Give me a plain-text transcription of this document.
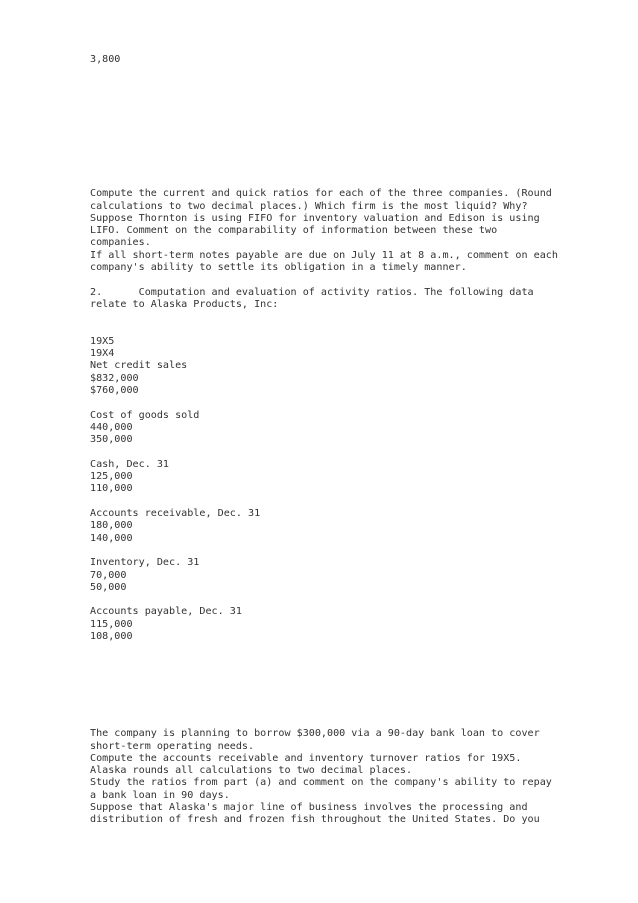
3,800
Compute the current and quick ratios for each of the three companies. (Round
calculations to two decimal places.) Which firm is the most liquid? Why?
Suppose Thornton is using FIFO for inventory valuation and Edison is using
LIFO. Comment on the comparability of information between these two
companies.
If all short-term notes payable are due on July 11 at 8 a.m., comment on each
company's ability to settle its obligation in a timely manner.
2.      Computation and evaluation of activity ratios. The following data
relate to Alaska Products, Inc:
19X5
19X4
Net credit sales
$832,000
$760,000
Cost of goods sold
440,000
350,000
Cash, Dec. 31
125,000
110,000
Accounts receivable, Dec. 31
180,000
140,000
Inventory, Dec. 31
70,000
50,000
Accounts payable, Dec. 31
115,000
108,000
The company is planning to borrow $300,000 via a 90-day bank loan to cover
short-term operating needs.
Compute the accounts receivable and inventory turnover ratios for 19X5.
Alaska rounds all calculations to two decimal places.
Study the ratios from part (a) and comment on the company's ability to repay
a bank loan in 90 days.
Suppose that Alaska's major line of business involves the processing and
distribution of fresh and frozen fish throughout the United States. Do you
